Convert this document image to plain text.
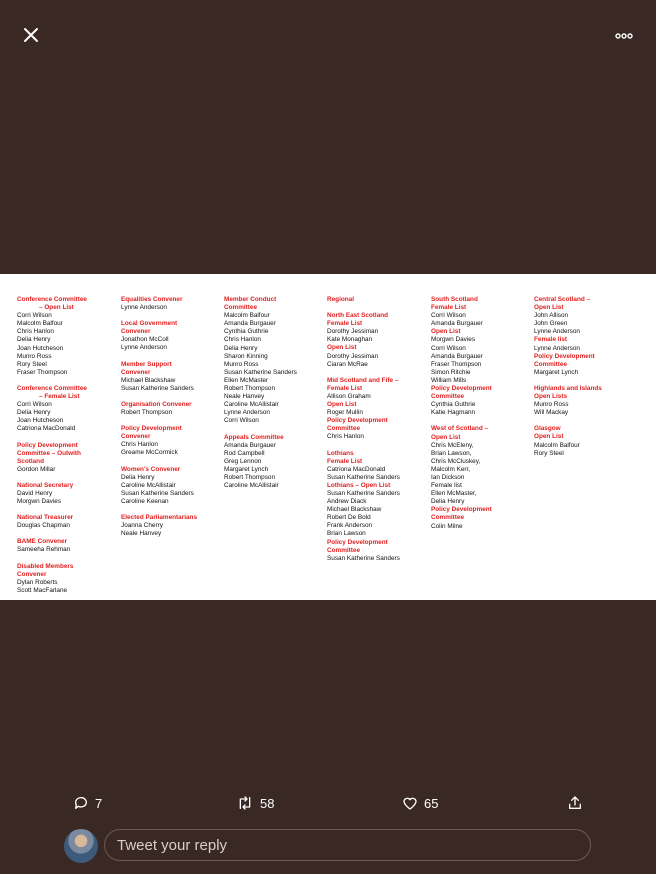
Conference Committee
– Open List
Corri Wilson
Malcolm Balfour
Chris Hanlon
Delia Henry
Joan Hutcheson
Munro Ross
Rory Steel
Fraser Thompson
Conference Committee
– Female List
Corri Wilson
Delia Henry
Joan Hutcheson
Catriona MacDonald
Policy Development
Committee – Outwith
Scotland
Gordon Millar
National Secretary
David Henry
Morgwn Davies
National Treasurer
Douglas Chapman
BAME Convener
Sameeha Rehman
Disabled Members
Convener
Dylan Roberts
Scott MacFarlane
Equalities Convener
Lynne Anderson
Local Government
Convener
Jonathon McColl
Lynne Anderson
Member Support
Convener
Michael Blackshaw
Susan Katherine Sanders
Organisation Convener
Robert Thompson
Policy Development
Convener
Chris Hanlon
Greame McCormick
Women's Convener
Delia Henry
Caroline McAllistair
Susan Katherine Sanders
Caroline Keenan
Elected Parliamentarians
Joanna Cherry
Neale Hanvey
Member Conduct
Committee
Malcolm Balfour
Amanda Burgauer
Cynthia Guthrie
Chris Hanlon
Delia Henry
Sharon Kinning
Munro Ross
Susan Katherine Sanders
Ellen McMaster
Robert Thompson
Neale Hanvey
Caroline McAllistair
Lynne Anderson
Corri Wilson
Appeals Committee
Amanda Burgauer
Rod Campbell
Greg Lennon
Margaret Lynch
Robert Thompson
Caroline McAllistair
Regional
North East Scotland
Female List
Dorothy Jessiman
Kate Monaghan
Open List
Dorothy Jessiman
Ciaran McRae
Mid Scotland and Fife –
Female List
Allison Graham
Open List
Roger Mullin
Policy Development
Committee
Chris Hanlon
Lothians
Female List
Catriona MacDonald
Susan Katherine Sanders
Lothians – Open List
Susan Katherine Sanders
Andrew Diack
Michael Blackshaw
Robert De Bold
Frank Anderson
Brian Lawson
Policy Development
Committee
Susan Katherine Sanders
South Scotland
Female List
Corri Wilson
Amanda Burgauer
Open List
Morgwn Davies
Corri Wilson
Amanda Burgauer
Fraser Thompson
Simon Ritchie
William Mills
Policy Development
Committee
Cynthia Guthrie
Katie Hagmann
West of Scotland –
Open List
Chris McEleny,
Brian Lawson,
Chris McCluskey,
Malcolm Kerr,
Ian Dickson
Female list
Ellen McMaster,
Delia Henry
Policy Development
Committee
Colin Milne
Central Scotland –
Open List
John Allison
John Green
Lynne Anderson
Female list
Lynne Anderson
Policy Development
Committee
Margaret Lynch
Highlands and Islands
Open Lists
Munro Ross
Will Mackay
Glasgow
Open List
Malcolm Balfour
Rory Steel
7	58	65
Tweet your reply
